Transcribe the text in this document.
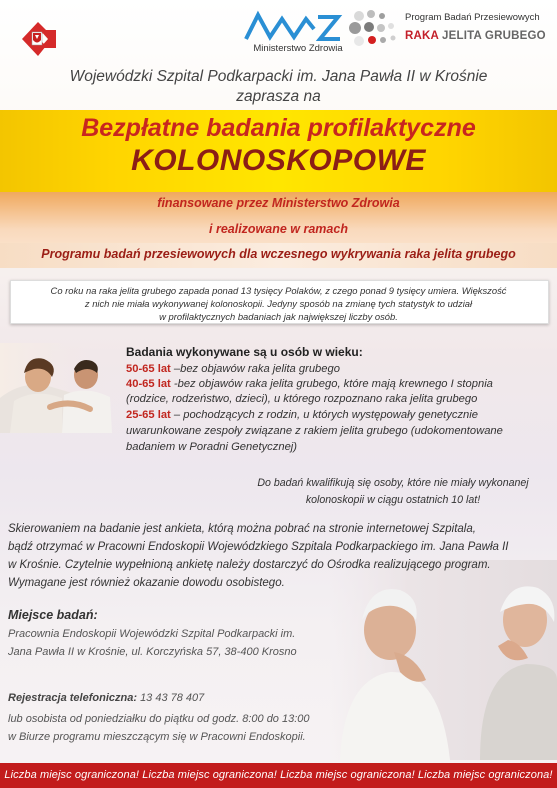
Ministerstwo Zdrowia
Program Badań Przesiewowych
RAKA JELITA GRUBEGO
Wojewódzki Szpital Podkarpacki im. Jana Pawła II w Krośnie
zaprasza na
Bezpłatne badania profilaktyczne
KOLONOSKOPOWE
finansowane przez Ministerstwo Zdrowia
i realizowane w ramach
Programu badań przesiewowych dla wczesnego wykrywania raka jelita grubego
Co roku na raka jelita grubego zapada ponad 13 tysięcy Polaków, z czego ponad 9 tysięcy umiera. Większość
z nich nie miała wykonywanej kolonoskopii. Jedyny sposób na zmianę tych statystyk to udział
w profilaktycznych badaniach jak największej liczby osób.
Badania wykonywane są u osób w wieku:
50-65 lat –bez objawów raka jelita grubego
40-65 lat -bez objawów raka jelita grubego, które mają krewnego I stopnia
(rodzice, rodzeństwo, dzieci), u którego rozpoznano raka jelita grubego
25-65 lat – pochodzących z rodzin, u których występowały genetycznie
uwarunkowane zespoły związane z rakiem jelita grubego (udokomentowane
badaniem w Poradni Genetycznej)
Do badań kwalifikują się osoby, które nie miały wykonanej
kolonoskopii w ciągu ostatnich 10 lat!
Skierowaniem na badanie jest ankieta, którą można pobrać na stronie internetowej Szpitala,
bądź otrzymać w Pracowni Endoskopii Wojewódzkiego Szpitala Podkarpackiego im. Jana Pawła II
w Krośnie. Czytelnie wypełnioną ankietę należy dostarczyć do Ośrodka realizującego program.
Wymagane jest również okazanie dowodu osobistego.
Miejsce badań:
Pracownia Endoskopii Wojewódzki Szpital Podkarpacki im.
Jana Pawła II w Krośnie, ul. Korczyńska 57, 38-400 Krosno
Rejestracja telefoniczna: 13 43 78 407
lub osobista od poniedziałku do piątku od godz. 8:00 do 13:00
w Biurze programu mieszczącym się w Pracowni Endoskopii.
Liczba miejsc ograniczona! Liczba miejsc ograniczona! Liczba miejsc ograniczona! Liczba miejsc ograniczona!
